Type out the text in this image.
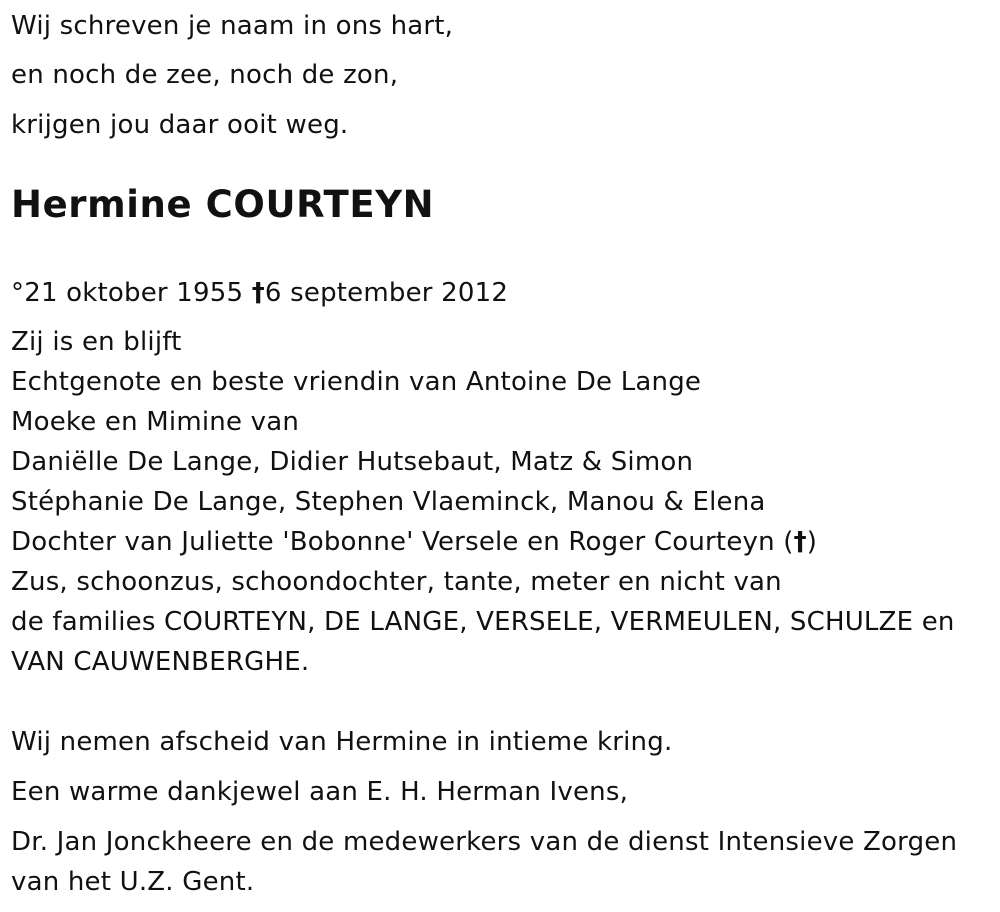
Wij schreven je naam in ons hart,
en noch de zee, noch de zon,
krijgen jou daar ooit weg.
Hermine COURTEYN
°21 oktober 1955 †6 september 2012
Zij is en blijft
Echtgenote en beste vriendin van Antoine De Lange
Moeke en Mimine van
Daniëlle De Lange, Didier Hutsebaut, Matz & Simon
Stéphanie De Lange, Stephen Vlaeminck, Manou & Elena
Dochter van Juliette 'Bobonne' Versele en Roger Courteyn (†)
Zus, schoonzus, schoondochter, tante, meter en nicht van
de families COURTEYN, DE LANGE, VERSELE, VERMEULEN, SCHULZE en
VAN CAUWENBERGHE.
Wij nemen afscheid van Hermine in intieme kring.
Een warme dankjewel aan E. H. Herman Ivens,
Dr. Jan Jonckheere en de medewerkers van de dienst Intensieve Zorgen
van het U.Z. Gent.
